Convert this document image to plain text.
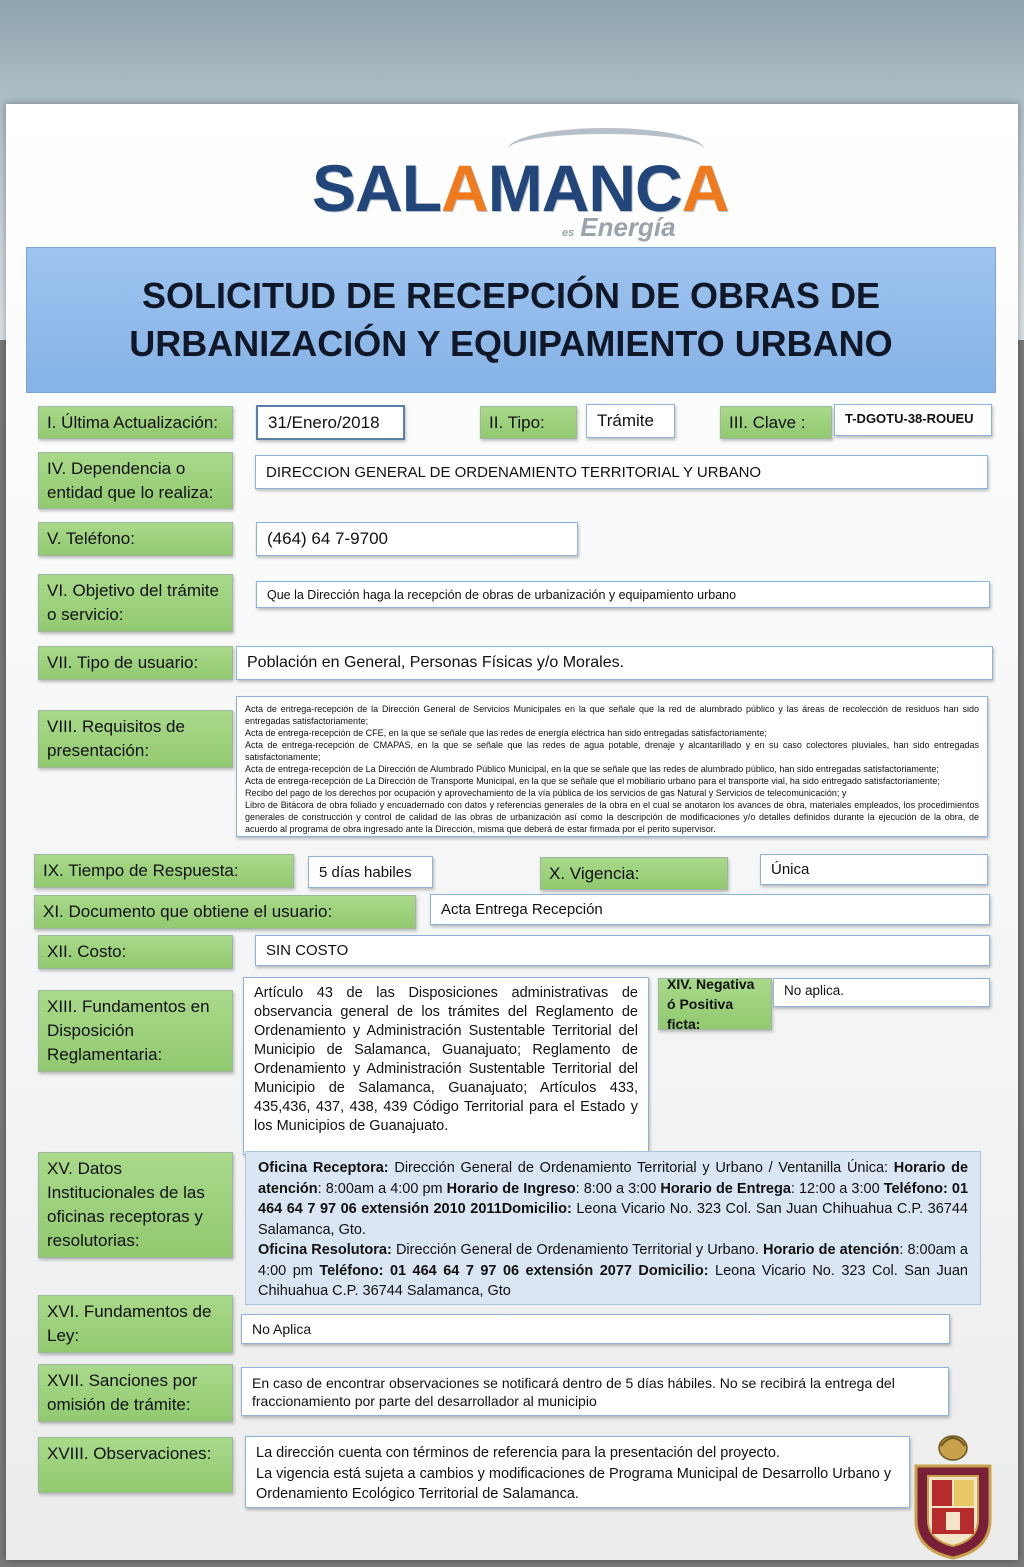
SALAMANCA
es Energía
SOLICITUD DE RECEPCIÓN DE OBRAS DE URBANIZACIÓN Y EQUIPAMIENTO URBANO
I. Última Actualización:	31/Enero/2018	II. Tipo:	Trámite	III. Clave :	T-DGOTU-38-ROUEU
IV. Dependencia o entidad que lo realiza:
DIRECCION GENERAL DE ORDENAMIENTO TERRITORIAL Y URBANO
V. Teléfono:	(464) 64 7-9700
VI. Objetivo del trámite o servicio:
Que la Dirección haga la recepción de obras de urbanización y equipamiento urbano
VII. Tipo de usuario:	Población en General, Personas Físicas y/o Morales.
VIII. Requisitos de presentación:

Acta de entrega-recepción de la Dirección General de Servicios Municipales en la que señale que la red de alumbrado público y las áreas de recolección de residuos han sido entregadas satisfactoriamente;

Acta de entrega-recepción de CFE, en la que se señale que las redes de energía eléctrica han sido entregadas satisfactoriamente;

Acta de entrega-recepción de CMAPAS, en la que se señale que las redes de agua potable, drenaje y alcantarillado y en su caso colectores pluviales, han sido entregadas satisfactoriamente;

Acta de entrega-recepción de La Dirección de Alumbrado Público Municipal, en la que se señale que las redes de alumbrado público, han sido entregadas satisfactoriamente;

Acta de entrega-recepción de La Dirección de Transporte Municipal, en la que se señale que el mobiliario urbano para el transporte vial, ha sido entregado satisfactoriamente;

Recibo del pago de los derechos por ocupación y aprovechamiento de la vía pública de los servicios de gas Natural y Servicios de telecomunicación; y

Libro de Bitácora de obra foliado y encuadernado con datos y referencias generales de la obra en el cual se anotaron los avances de obra, materiales empleados, los procedimientos generales de construcción y control de calidad de las obras de urbanización así como la descripción de modificaciones y/o detalles definidos durante la ejecución de la obra, de acuerdo al programa de obra ingresado ante la Dirección, misma que deberá de estar firmada por el perito supervisor.

IX. Tiempo de Respuesta:	5 días habiles	X. Vigencia:	Única
XI. Documento que obtiene el usuario:	Acta Entrega Recepción
XII. Costo:	SIN COSTO
XIII. Fundamentos en Disposición Reglamentaria:
Artículo 43 de las Disposiciones administrativas de observancia general de los trámites del Reglamento de Ordenamiento y Administración Sustentable Territorial del Municipio de Salamanca, Guanajuato; Reglamento de Ordenamiento y Administración Sustentable Territorial del Municipio de Salamanca, Guanajuato; Artículos 433, 435,436, 437, 438, 439 Código Territorial para el Estado y los Municipios de Guanajuato.
XIV. Negativa ó Positiva ficta:
No aplica.
XV. Datos Institucionales de las oficinas receptoras y resolutorias:
Oficina Receptora: Dirección General de Ordenamiento Territorial y Urbano / Ventanilla Única: Horario de atención: 8:00am a 4:00 pm Horario de Ingreso: 8:00 a 3:00 Horario de Entrega: 12:00 a 3:00 Teléfono: 01 464 64 7 97 06 extensión 2010 2011Domicilio: Leona Vicario No. 323 Col. San Juan Chihuahua C.P. 36744 Salamanca, Gto.
Oficina Resolutora: Dirección General de Ordenamiento Territorial y Urbano. Horario de atención: 8:00am a 4:00 pm Teléfono: 01 464 64 7 97 06 extensión 2077 Domicilio: Leona Vicario No. 323 Col. San Juan Chihuahua C.P. 36744 Salamanca, Gto
XVI. Fundamentos de Ley:	No Aplica
XVII. Sanciones por omisión de trámite:
En caso de encontrar observaciones se notificará dentro de 5 días hábiles. No se recibirá la entrega del fraccionamiento por parte del desarrollador al municipio
XVIII. Observaciones:	La dirección cuenta con términos de referencia para la presentación del proyecto.
La vigencia está sujeta a cambios y modificaciones de Programa Municipal de Desarrollo Urbano y Ordenamiento Ecológico Territorial de Salamanca.
